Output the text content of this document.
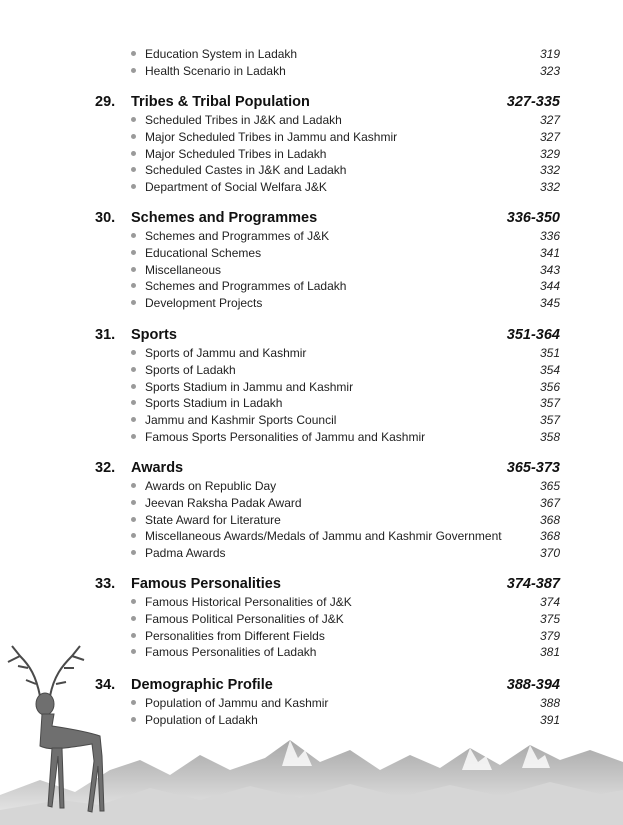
Education System in Ladakh	319
Health Scenario in Ladakh	323
29. Tribes & Tribal Population	327-335
Scheduled Tribes in J&K and Ladakh	327
Major Scheduled Tribes in Jammu and Kashmir	327
Major Scheduled Tribes in Ladakh	329
Scheduled Castes in J&K and Ladakh	332
Department of Social Welfara J&K	332
30. Schemes and Programmes	336-350
Schemes and Programmes of J&K	336
Educational Schemes	341
Miscellaneous	343
Schemes and Programmes of Ladakh	344
Development Projects	345
31. Sports	351-364
Sports of Jammu and Kashmir	351
Sports of Ladakh	354
Sports Stadium in Jammu and Kashmir	356
Sports Stadium in Ladakh	357
Jammu and Kashmir Sports Council	357
Famous Sports Personalities of Jammu and Kashmir	358
32. Awards	365-373
Awards on Republic Day	365
Jeevan Raksha Padak Award	367
State Award for Literature	368
Miscellaneous Awards/Medals of Jammu and Kashmir Government	368
Padma Awards	370
33. Famous Personalities	374-387
Famous Historical Personalities of J&K	374
Famous Political Personalities of J&K	375
Personalities from Different Fields	379
Famous Personalities of Ladakh	381
34. Demographic Profile	388-394
Population of Jammu and Kashmir	388
Population of Ladakh	391
